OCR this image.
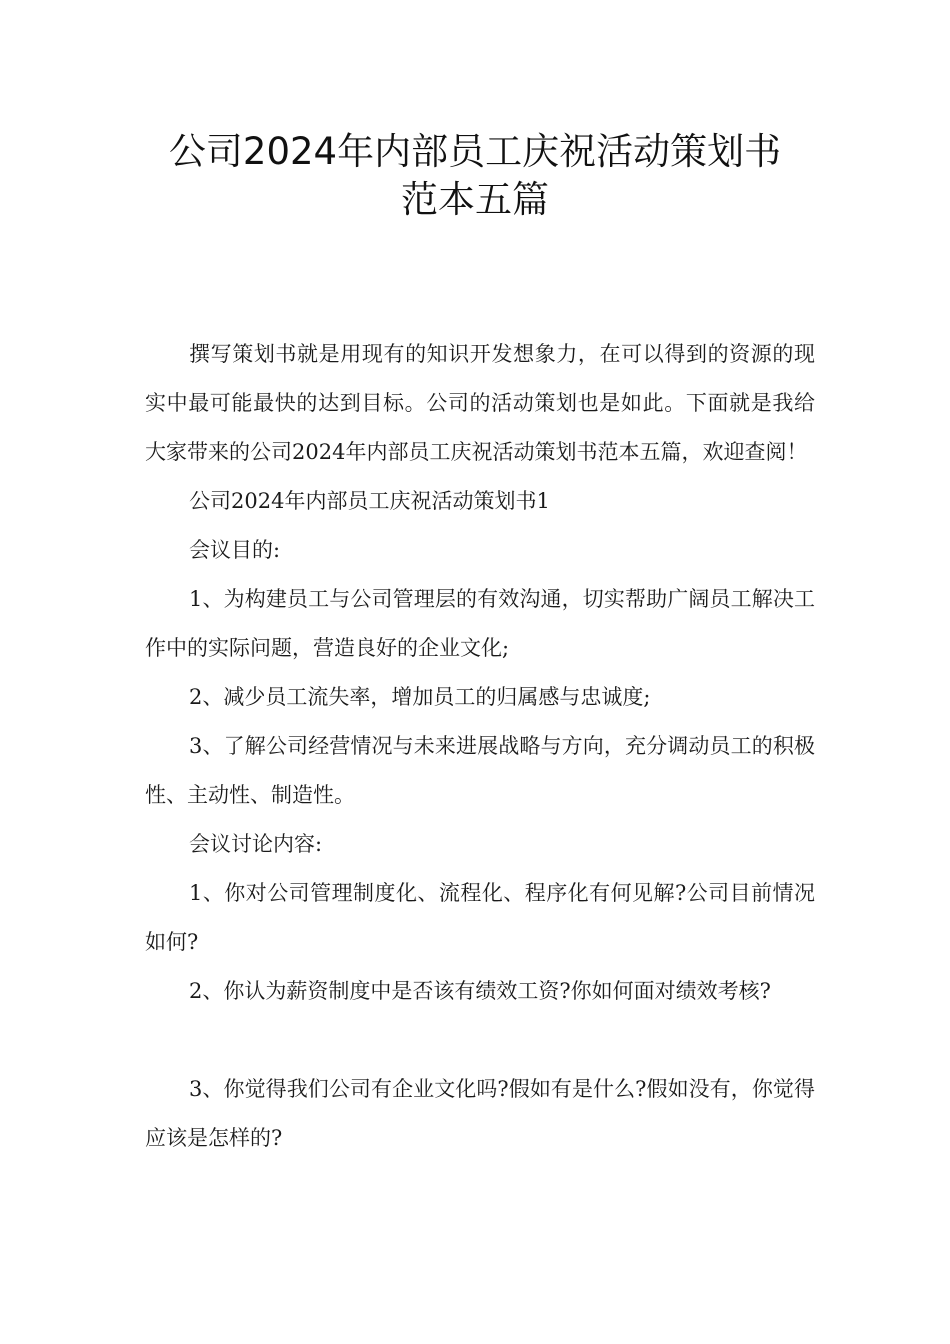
公司2024年内部员工庆祝活动策划书
范本五篇

撰写策划书就是用现有的知识开发想象力，在可以得到的资源的现实中最可能最快的达到目标。公司的活动策划也是如此。下面就是我给大家带来的公司2024年内部员工庆祝活动策划书范本五篇，欢迎查阅！

公司2024年内部员工庆祝活动策划书1

会议目的:

1、为构建员工与公司管理层的有效沟通，切实帮助广阔员工解决工作中的实际问题，营造良好的企业文化;

2、减少员工流失率，增加员工的归属感与忠诚度;

3、了解公司经营情况与未来进展战略与方向，充分调动员工的积极性、主动性、制造性。

会议讨论内容:

1、你对公司管理制度化、流程化、程序化有何见解?公司目前情况如何?

2、你认为薪资制度中是否该有绩效工资?你如何面对绩效考核?

3、你觉得我们公司有企业文化吗?假如有是什么?假如没有，你觉得应该是怎样的?
